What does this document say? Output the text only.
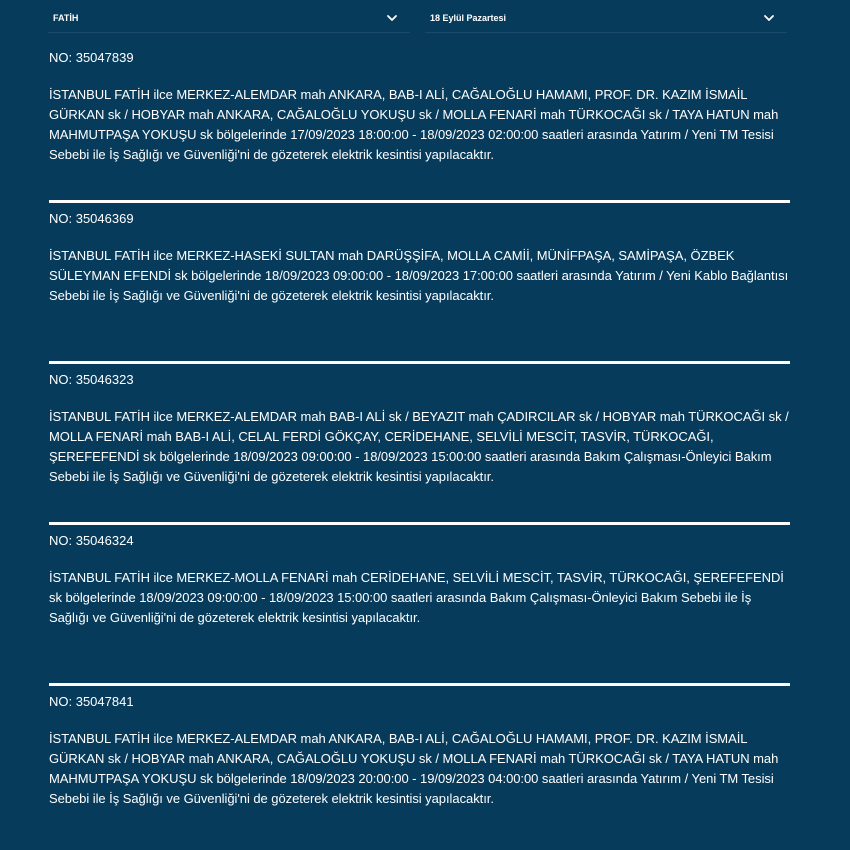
FATİH	18 Eylül Pazartesi

NO: 35047839

İSTANBUL FATİH ilce MERKEZ-ALEMDAR mah ANKARA, BAB-I ALİ, CAĞALOĞLU HAMAMI, PROF. DR. KAZIM İSMAİL GÜRKAN sk / HOBYAR mah ANKARA, CAĞALOĞLU YOKUŞU sk / MOLLA FENARİ mah TÜRKOCAĞI sk / TAYA HATUN mah MAHMUTPAŞA YOKUŞU sk bölgelerinde 17/09/2023 18:00:00 - 18/09/2023 02:00:00 saatleri arasında Yatırım / Yeni TM Tesisi Sebebi ile İş Sağlığı ve Güvenliği'ni de gözeterek elektrik kesintisi yapılacaktır.

NO: 35046369

İSTANBUL FATİH ilce MERKEZ-HASEKİ SULTAN mah DARÜŞŞİFA, MOLLA CAMİİ, MÜNİFPAŞA, SAMİPAŞA, ÖZBEK SÜLEYMAN EFENDİ sk bölgelerinde 18/09/2023 09:00:00 - 18/09/2023 17:00:00 saatleri arasında Yatırım / Yeni Kablo Bağlantısı Sebebi ile İş Sağlığı ve Güvenliği'ni de gözeterek elektrik kesintisi yapılacaktır.

NO: 35046323

İSTANBUL FATİH ilce MERKEZ-ALEMDAR mah BAB-I ALİ sk / BEYAZIT mah ÇADIRCILAR sk / HOBYAR mah TÜRKOCAĞI sk / MOLLA FENARİ mah BAB-I ALİ, CELAL FERDİ GÖKÇAY, CERİDEHANE, SELVİLİ MESCİT, TASVİR, TÜRKOCAĞI, ŞEREFEFENDİ sk bölgelerinde 18/09/2023 09:00:00 - 18/09/2023 15:00:00 saatleri arasında Bakım Çalışması-Önleyici Bakım Sebebi ile İş Sağlığı ve Güvenliği'ni de gözeterek elektrik kesintisi yapılacaktır.

NO: 35046324

İSTANBUL FATİH ilce MERKEZ-MOLLA FENARİ mah CERİDEHANE, SELVİLİ MESCİT, TASVİR, TÜRKOCAĞI, ŞEREFEFENDİ sk bölgelerinde 18/09/2023 09:00:00 - 18/09/2023 15:00:00 saatleri arasında Bakım Çalışması-Önleyici Bakım Sebebi ile İş Sağlığı ve Güvenliği'ni de gözeterek elektrik kesintisi yapılacaktır.

NO: 35047841

İSTANBUL FATİH ilce MERKEZ-ALEMDAR mah ANKARA, BAB-I ALİ, CAĞALOĞLU HAMAMI, PROF. DR. KAZIM İSMAİL GÜRKAN sk / HOBYAR mah ANKARA, CAĞALOĞLU YOKUŞU sk / MOLLA FENARİ mah TÜRKOCAĞI sk / TAYA HATUN mah MAHMUTPAŞA YOKUŞU sk bölgelerinde 18/09/2023 20:00:00 - 19/09/2023 04:00:00 saatleri arasında Yatırım / Yeni TM Tesisi Sebebi ile İş Sağlığı ve Güvenliği'ni de gözeterek elektrik kesintisi yapılacaktır.
